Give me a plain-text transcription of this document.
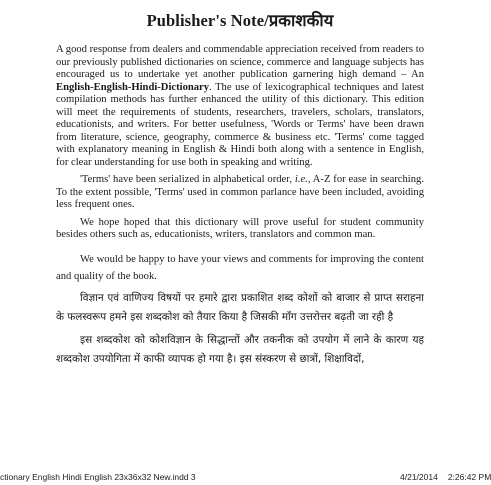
Publisher's Note/प्रकाशकीय

A good response from dealers and commendable appreciation received from readers to our previously published dictionaries on science, commerce and language subjects has encouraged us to undertake yet another publication garnering high demand – An English-English-Hindi-Dictionary. The use of lexicographical techniques and latest compilation methods has further enhanced the utility of this dictionary. This edition will meet the requirements of students, researchers, travelers, scholars, translators, educationists, and writers. For better usefulness, 'Words or Terms' have been drawn from literature, science, geography, commerce & business etc. 'Terms' come tagged with explanatory meaning in English & Hindi both along with a sentence in English, for clear understanding for use both in speaking and writing.

'Terms' have been serialized in alphabetical order, i.e., A-Z for ease in searching. To the extent possible, 'Terms' used in common parlance have been included, avoiding less frequent ones.

We hope hoped that this dictionary will prove useful for student community besides others such as, educationists, writers, translators and common man.

We would be happy to have your views and comments for improving the content and quality of the book.

विज्ञान एवं वाणिज्य विषयों पर हमारे द्वारा प्रकाशित शब्द कोशों को बाजार से प्राप्त सराहना के फलस्वरूप हमने इस शब्दकोश को तैयार किया है जिसकी माँग उत्तरोत्तर बढ़ती जा रही है

इस शब्दकोश को कोशविज्ञान के सिद्धान्तों और तकनीक को उपयोग में लाने के कारण यह शब्दकोश उपयोगिता में काफी व्यापक हो गया है। इस संस्करण से छात्रों, शिक्षाविदों,

ctionary English Hindi English 23x36x32 New.indd 3	4/21/2014 2:26:42 PM
